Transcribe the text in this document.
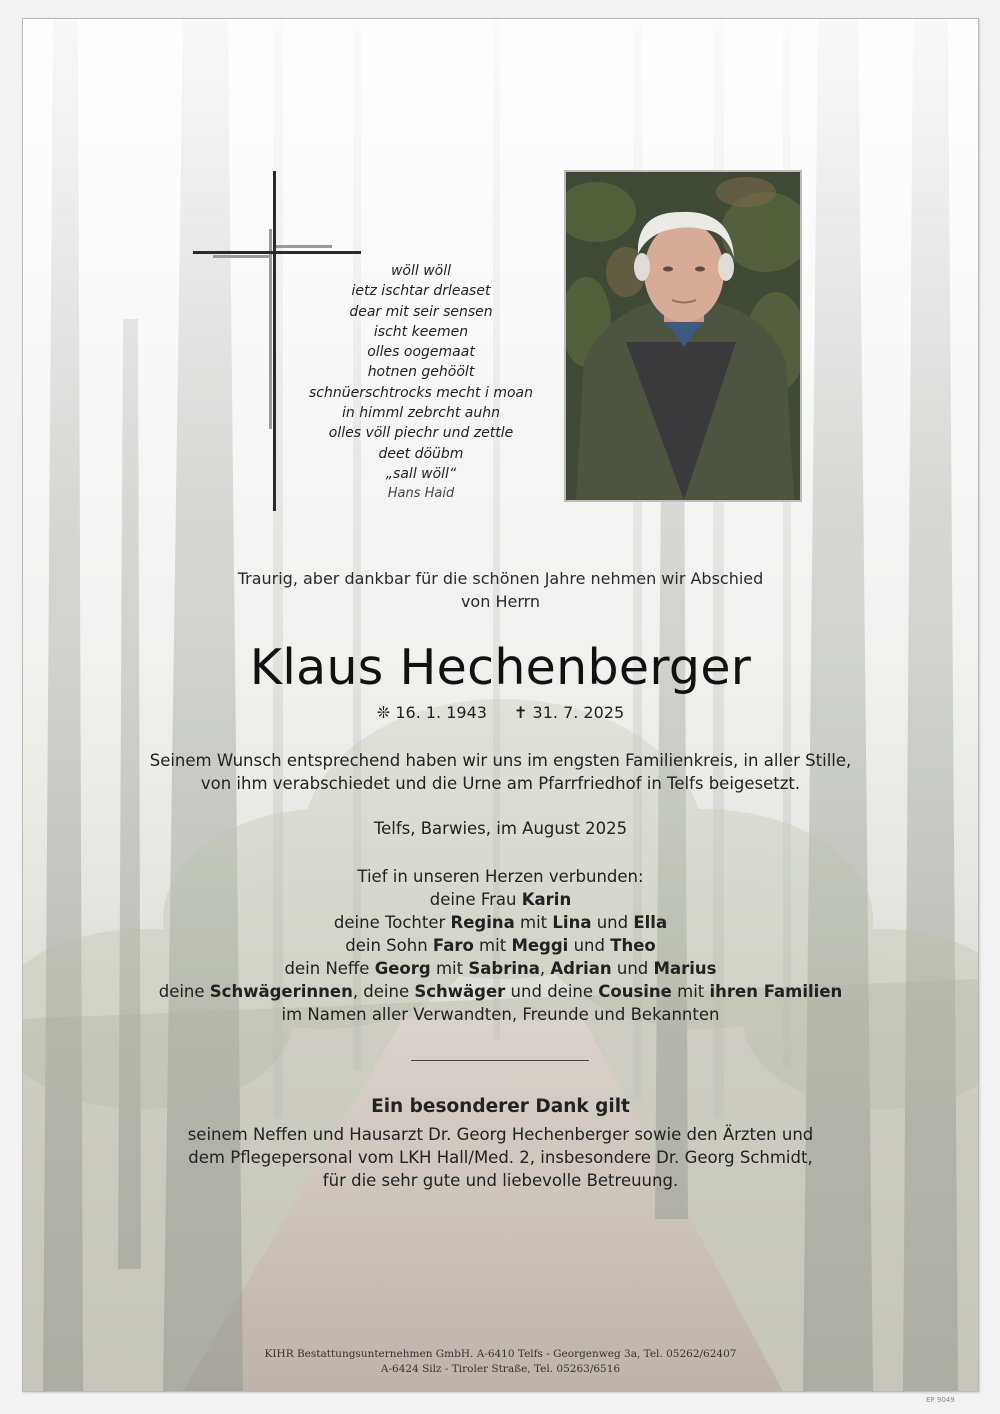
wöll wöll
ietz ischtar drleaset
dear mit seir sensen
ischt keemen
olles oogemaat
hotnen gehöölt
schnüerschtrocks mecht i moan
in himml zebrcht auhn
olles völl piechr und zettle
deet döübm
„sall wöll“
Hans Haid
Traurig, aber dankbar für die schönen Jahre nehmen wir Abschied
von Herrn
Klaus Hechenberger
❊ 16. 1. 1943 ✝ 31. 7. 2025
Seinem Wunsch entsprechend haben wir uns im engsten Familienkreis, in aller Stille,
von ihm verabschiedet und die Urne am Pfarrfriedhof in Telfs beigesetzt.
Telfs, Barwies, im August 2025
Tief in unseren Herzen verbunden:
deine Frau Karin
deine Tochter Regina mit Lina und Ella
dein Sohn Faro mit Meggi und Theo
dein Neffe Georg mit Sabrina, Adrian und Marius
deine Schwägerinnen, deine Schwäger und deine Cousine mit ihren Familien
im Namen aller Verwandten, Freunde und Bekannten
Ein besonderer Dank gilt
seinem Neffen und Hausarzt Dr. Georg Hechenberger sowie den Ärzten und
dem Pflegepersonal vom LKH Hall/Med. 2, insbesondere Dr. Georg Schmidt,
für die sehr gute und liebevolle Betreuung.
KIHR Bestattungsunternehmen GmbH. A-6410 Telfs - Georgenweg 3a, Tel. 05262/62407
A-6424 Silz - Tiroler Straße, Tel. 05263/6516
EP 9049
